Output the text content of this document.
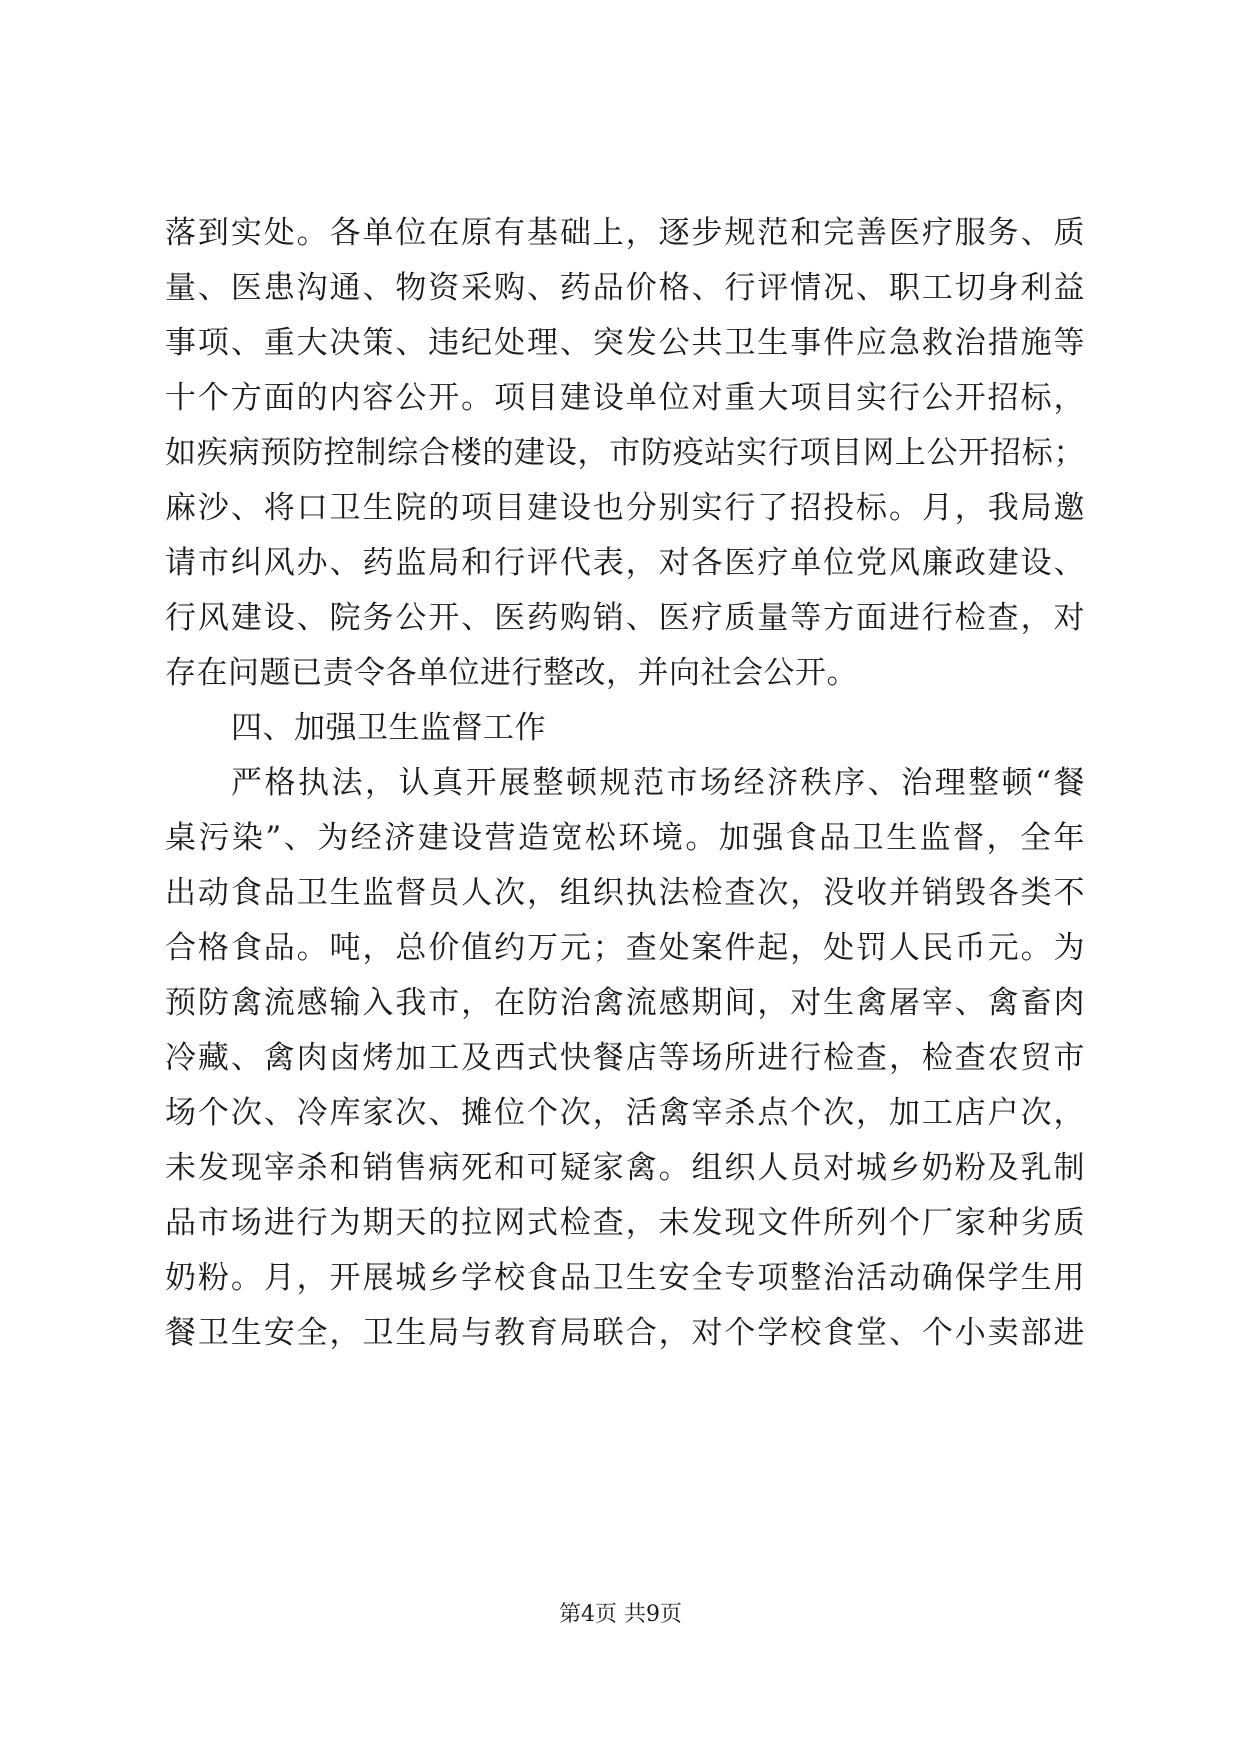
落到实处。各单位在原有基础上，逐步规范和完善医疗服务、质
量、医患沟通、物资采购、药品价格、行评情况、职工切身利益
事项、重大决策、违纪处理、突发公共卫生事件应急救治措施等
十个方面的内容公开。项目建设单位对重大项目实行公开招标，
如疾病预防控制综合楼的建设，市防疫站实行项目网上公开招标；
麻沙、将口卫生院的项目建设也分别实行了招投标。月，我局邀
请市纠风办、药监局和行评代表，对各医疗单位党风廉政建设、
行风建设、院务公开、医药购销、医疗质量等方面进行检查，对
存在问题已责令各单位进行整改，并向社会公开。
四、加强卫生监督工作
严格执法，认真开展整顿规范市场经济秩序、治理整顿“餐
桌污染”、为经济建设营造宽松环境。加强食品卫生监督，全年
出动食品卫生监督员人次，组织执法检查次，没收并销毁各类不
合格食品。吨，总价值约万元；查处案件起，处罚人民币元。为
预防禽流感输入我市，在防治禽流感期间，对生禽屠宰、禽畜肉
冷藏、禽肉卤烤加工及西式快餐店等场所进行检查，检查农贸市
场个次、冷库家次、摊位个次，活禽宰杀点个次，加工店户次，
未发现宰杀和销售病死和可疑家禽。组织人员对城乡奶粉及乳制
品市场进行为期天的拉网式检查，未发现文件所列个厂家种劣质
奶粉。月，开展城乡学校食品卫生安全专项整治活动确保学生用
餐卫生安全，卫生局与教育局联合，对个学校食堂、个小卖部进
第4页 共9页
